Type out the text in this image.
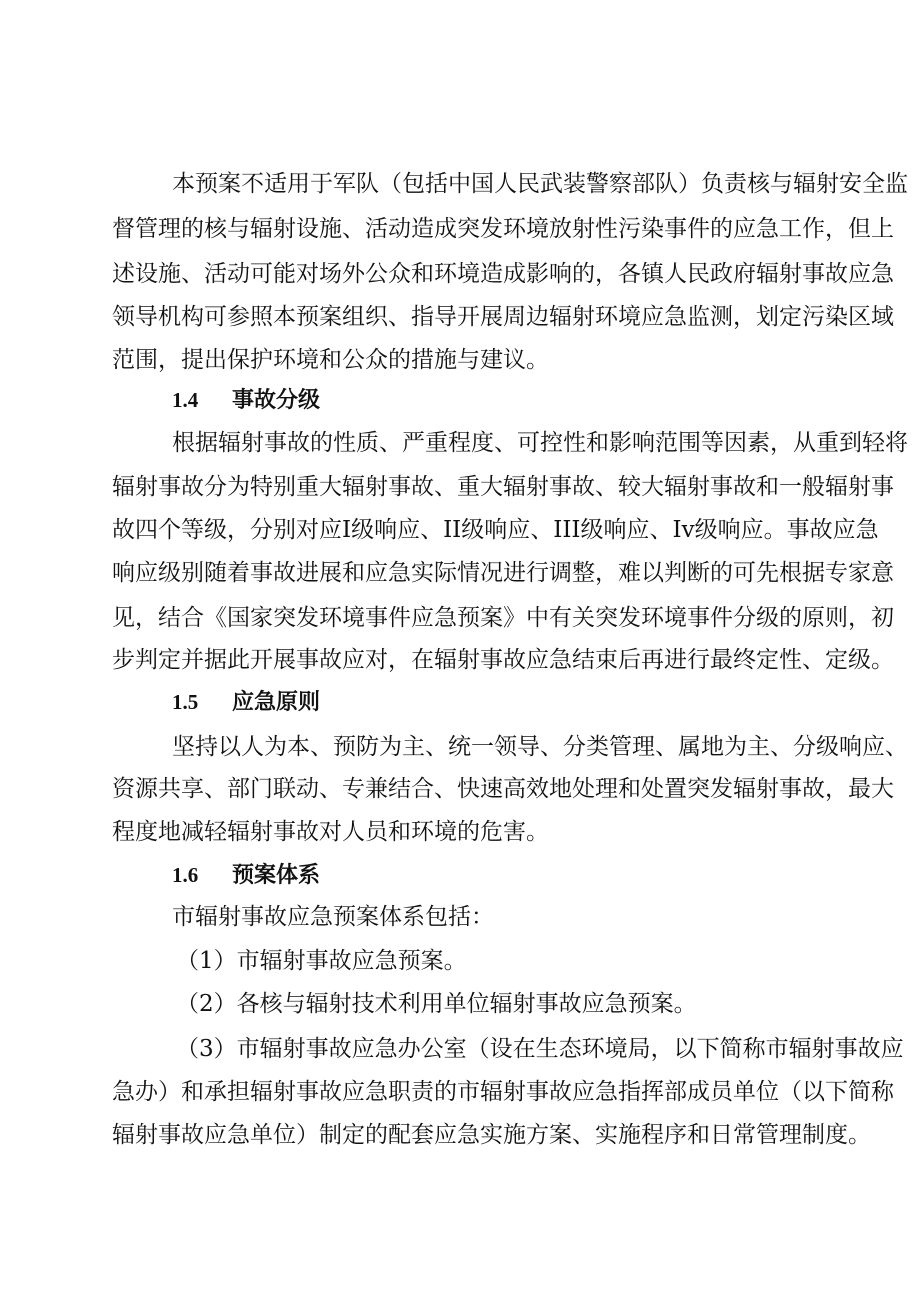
本预案不适用于军队（包括中国人民武装警察部队）负责核与辐射安全监
督管理的核与辐射设施、活动造成突发环境放射性污染事件的应急工作，但上
述设施、活动可能对场外公众和环境造成影响的，各镇人民政府辐射事故应急
领导机构可参照本预案组织、指导开展周边辐射环境应急监测，划定污染区域
范围，提出保护环境和公众的措施与建议。
1.4 事故分级
根据辐射事故的性质、严重程度、可控性和影响范围等因素，从重到轻将
辐射事故分为特别重大辐射事故、重大辐射事故、较大辐射事故和一般辐射事
故四个等级，分别对应I级响应、II级响应、III级响应、Iv级响应。事故应急
响应级别随着事故进展和应急实际情况进行调整，难以判断的可先根据专家意
见，结合《国家突发环境事件应急预案》中有关突发环境事件分级的原则，初
步判定并据此开展事故应对，在辐射事故应急结束后再进行最终定性、定级。
1.5 应急原则
坚持以人为本、预防为主、统一领导、分类管理、属地为主、分级响应、
资源共享、部门联动、专兼结合、快速高效地处理和处置突发辐射事故，最大
程度地减轻辐射事故对人员和环境的危害。
1.6 预案体系
市辐射事故应急预案体系包括：
（1）市辐射事故应急预案。
（2）各核与辐射技术利用单位辐射事故应急预案。
（3）市辐射事故应急办公室（设在生态环境局，以下简称市辐射事故应
急办）和承担辐射事故应急职责的市辐射事故应急指挥部成员单位（以下简称
辐射事故应急单位）制定的配套应急实施方案、实施程序和日常管理制度。
